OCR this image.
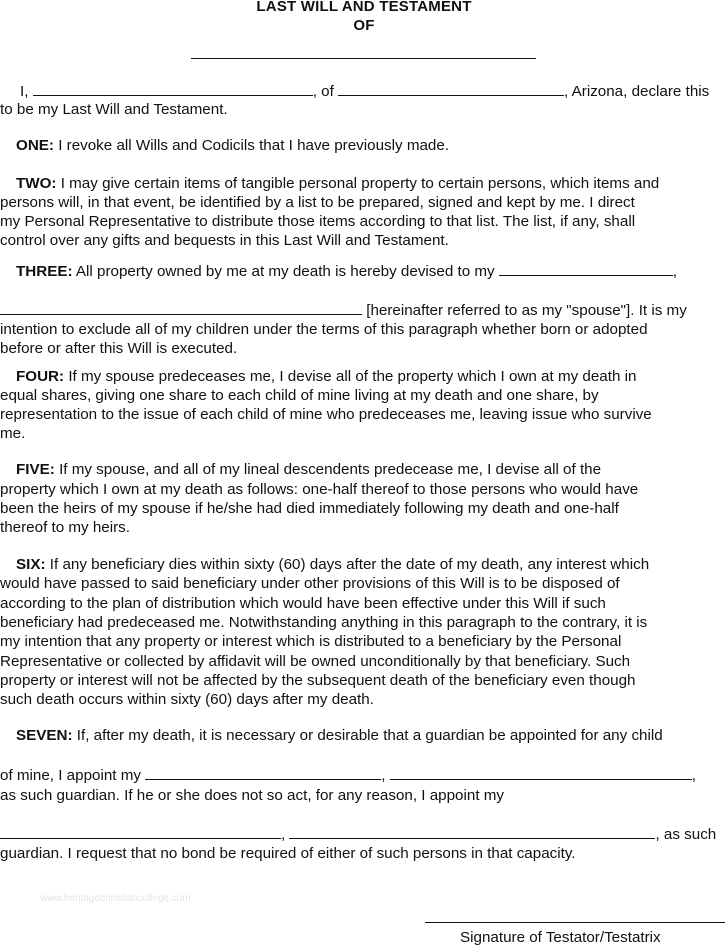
LAST WILL AND TESTAMENT
OF
I,	, of	, Arizona, declare this
to be my Last Will and Testament.
ONE: I revoke all Wills and Codicils that I have previously made.
TWO: I may give certain items of tangible personal property to certain persons, which items and
persons will, in that event, be identified by a list to be prepared, signed and kept by me. I direct
my Personal Representative to distribute those items according to that list. The list, if any, shall
control over any gifts and bequests in this Last Will and Testament.
THREE: All property owned by me at my death is hereby devised to my	,
[hereinafter referred to as my "spouse"]. It is my
intention to exclude all of my children under the terms of this paragraph whether born or adopted
before or after this Will is executed.
FOUR: If my spouse predeceases me, I devise all of the property which I own at my death in
equal shares, giving one share to each child of mine living at my death and one share, by
representation to the issue of each child of mine who predeceases me, leaving issue who survive
me.
FIVE: If my spouse, and all of my lineal descendents predecease me, I devise all of the
property which I own at my death as follows: one-half thereof to those persons who would have
been the heirs of my spouse if he/she had died immediately following my death and one-half
thereof to my heirs.
SIX: If any beneficiary dies within sixty (60) days after the date of my death, any interest which
would have passed to said beneficiary under other provisions of this Will is to be disposed of
according to the plan of distribution which would have been effective under this Will if such
beneficiary had predeceased me. Notwithstanding anything in this paragraph to the contrary, it is
my intention that any property or interest which is distributed to a beneficiary by the Personal
Representative or collected by affidavit will be owned unconditionally by that beneficiary. Such
property or interest will not be affected by the subsequent death of the beneficiary even though
such death occurs within sixty (60) days after my death.
SEVEN: If, after my death, it is necessary or desirable that a guardian be appointed for any child
of mine, I appoint my	,	,
as such guardian. If he or she does not so act, for any reason, I appoint my
,	, as such
guardian. I request that no bond be required of either of such persons in that capacity.
www.heritagechristiancollege.com
Signature of Testator/Testatrix
